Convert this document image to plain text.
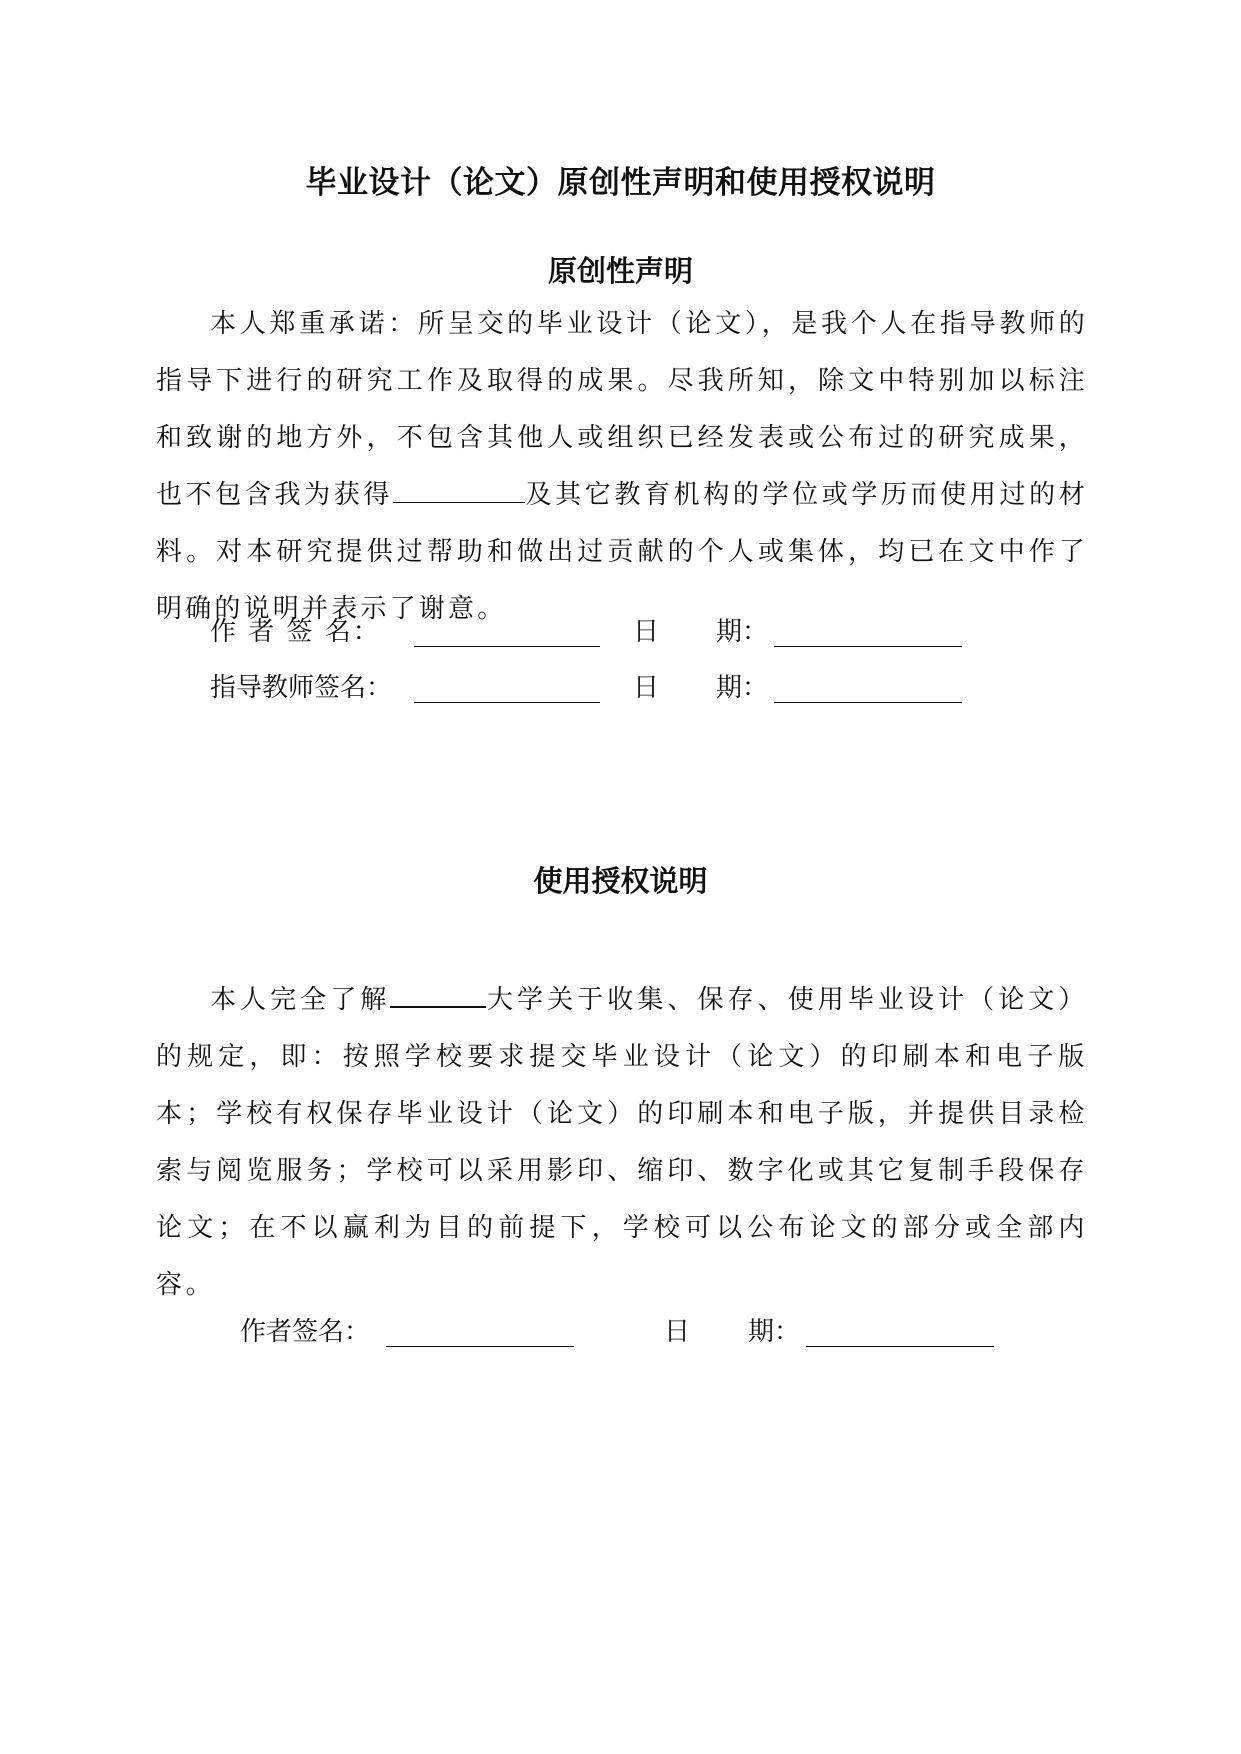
毕业设计（论文）原创性声明和使用授权说明
原创性声明
本人郑重承诺：所呈交的毕业设计（论文），是我个人在指导教师的指导下进行的研究工作及取得的成果。尽我所知，除文中特别加以标注和致谢的地方外，不包含其他人或组织已经发表或公布过的研究成果，也不包含我为获得	及其它教育机构的学位或学历而使用过的材料。对本研究提供过帮助和做出过贡献的个人或集体，均已在文中作了明确的说明并表示了谢意。
作 者 签 名：	日 期：
指导教师签名：	日 期：
使用授权说明
本人完全了解	大学关于收集、保存、使用毕业设计（论文）的规定，即：按照学校要求提交毕业设计（论文）的印刷本和电子版本；学校有权保存毕业设计（论文）的印刷本和电子版，并提供目录检索与阅览服务；学校可以采用影印、缩印、数字化或其它复制手段保存论文；在不以赢利为目的前提下，学校可以公布论文的部分或全部内容。
作者签名：	日 期：
